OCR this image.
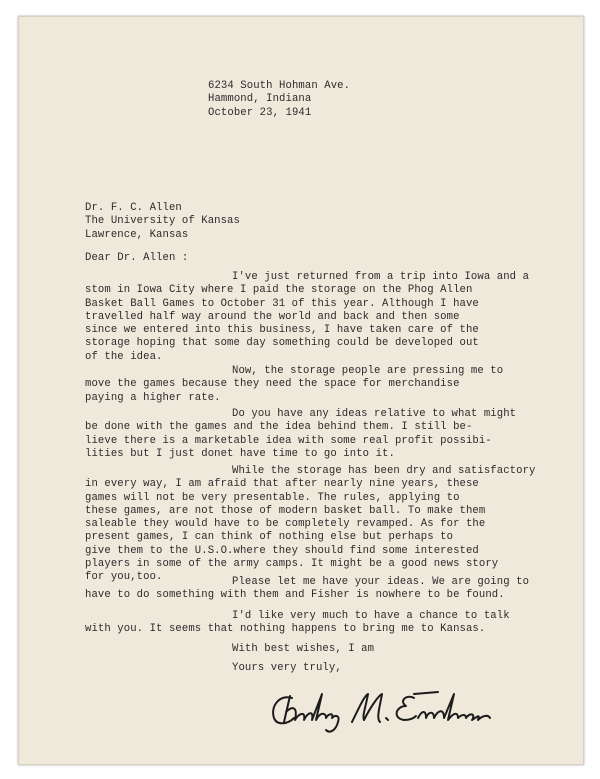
6234 South Hohman Ave.
Hammond, Indiana
October 23, 1941
Dr. F. C. Allen
The University of Kansas
Lawrence, Kansas
Dear Dr. Allen :
I've just returned from a trip into Iowa and a
stom in Iowa City where I paid the storage on the Phog Allen
Basket Ball Games to October 31 of this year. Although I have
travelled half way around the world and back and then some
since we entered into this business, I have taken care of the
storage hoping that some day something could be developed out
of the idea.
Now, the storage people are pressing me to
move the games because they need the space for merchandise
paying a higher rate.
Do you have any ideas relative to what might
be done with the games and the idea behind them. I still be-
lieve there is a marketable idea with some real profit possibi-
lities but I just donet have time to go into it.
While the storage has been dry and satisfactory
in every way, I am afraid that after nearly nine years, these
games will not be very presentable. The rules, applying to
these games, are not those of modern basket ball. To make them
saleable they would have to be completely revamped. As for the
present games, I can think of nothing else but perhaps to
give them to the U.S.O.where they should find some interested
players in some of the army camps. It might be a good news story
for you,too.	Please let me have your ideas. We are going to
have to do something with them and Fisher is nowhere to be found.
I'd like very much to have a chance to talk
with you. It seems that nothing happens to bring me to Kansas.
With best wishes, I am
Yours very truly,
